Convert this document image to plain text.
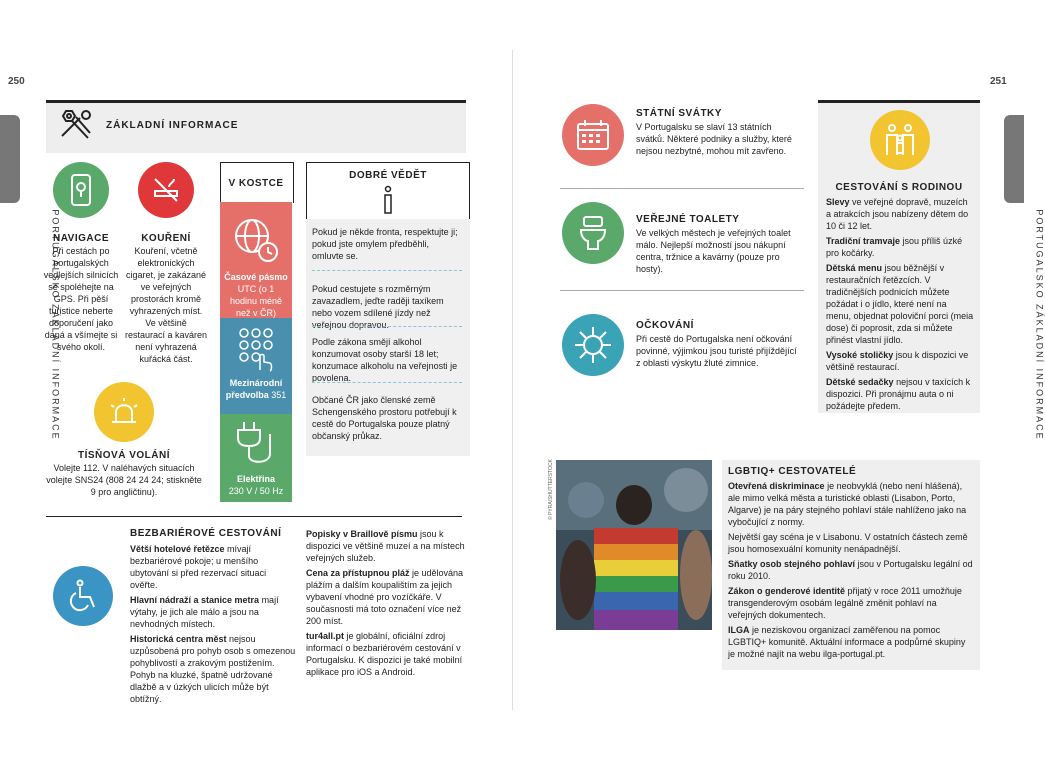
250	251
PORTUGALSKO ZÁKLADNÍ INFORMACE	PORTUGALSKO ZÁKLADNÍ INFORMACE
ZÁKLADNÍ INFORMACE
NAVIGACE
Při cestách po portugalských vedlejších silnicích se spoléhejte na GPS. Při pěší turistice neberte doporučení jako daná a všímejte si svého okolí.
KOUŘENÍ
Kouření, včetně elektronických cigaret, je zakázané ve veřejných prostorách kromě vyhrazených míst. Ve většině restaurací a kaváren není vyhrazená kuřácká část.
V KOSTCE
Časové pásmo
UTC (o 1 hodinu méně než v ČR)
Mezinárodní předvolba 351
Elektřina
230 V / 50 Hz
DOBRÉ VĚDĚT
Pokud je někde fronta, respektujte ji; pokud jste omylem předběhli, omluvte se.
Pokud cestujete s rozměrným zavazadlem, jeďte raději taxíkem nebo vozem sdílené jízdy než veřejnou dopravou.
Podle zákona smějí alkohol konzumovat osoby starší 18 let; konzumace alkoholu na veřejnosti je povolena.
Občané ČR jako členské země Schengenského prostoru potřebují k cestě do Portugalska pouze platný občanský průkaz.
TÍSŇOVÁ VOLÁNÍ
Volejte 112. V naléhavých situacích volejte SNS24 (808 24 24 24; stiskněte 9 pro angličtinu).
BEZBARIÉROVÉ CESTOVÁNÍ

Větší hotelové řetězce mívají bezbariérové pokoje; u menšího ubytování si před rezervací situaci ověřte.

Hlavní nádraží a stanice metra mají výtahy, je jich ale málo a jsou na nevhodných místech.

Historická centra měst nejsou uzpůsobená pro pohyb osob s omezenou pohyblivostí a zrakovým postižením. Pohyb na kluzké, špatně udržované dlažbě a v úzkých ulicích může být obtížný.

Popisky v Braillově písmu jsou k dispozici ve většině muzeí a na místech veřejných služeb.

Cena za přístupnou pláž je udělována plážím a dalším koupalištím za jejich vybavení vhodné pro vozíčkáře. V současnosti má toto označení více než 200 míst.

tur4all.pt je globální, oficiální zdroj informací o bezbariérovém cestování v Portugalsku. K dispozici je také mobilní aplikace pro iOS a Android.

STÁTNÍ SVÁTKY
V Portugalsku se slaví 13 státních svátků. Některé podniky a služby, které nejsou nezbytné, mohou mít zavřeno.
VEŘEJNÉ TOALETY
Ve velkých městech je veřejných toalet málo. Nejlepší možností jsou nákupní centra, tržnice a kavárny (pouze pro hosty).
OČKOVÁNÍ
Při cestě do Portugalska není očkování povinné, výjimkou jsou turisté přijíždějící z oblasti výskytu žluté zimnice.
CESTOVÁNÍ S RODINOU

Slevy ve veřejné dopravě, muzeích a atrakcích jsou nabízeny dětem do 10 či 12 let.

Tradiční tramvaje jsou příliš úzké pro kočárky.

Dětská menu jsou běžnější v restauračních řetězcích. V tradičnějších podnicích můžete požádat i o jídlo, které není na menu, objednat poloviční porci (meia dose) či poprosit, zda si můžete přinést vlastní jídlo.

Vysoké stoličky jsou k dispozici ve většině restaurací.

Dětské sedačky nejsou v taxících k dispozici. Při pronájmu auta o ni požádejte předem.

© PYRA/SHUTTERSTOCK	LGBTIQ+ CESTOVATELÉ

Otevřená diskriminace je neobvyklá (nebo není hlášená), ale mimo velká města a turistické oblasti (Lisabon, Porto, Algarve) je na páry stejného pohlaví stále nahlíženo jako na vybočující z normy.

Největší gay scéna je v Lisabonu. V ostatních částech země jsou homosexuální komunity nenápadnější.

Sňatky osob stejného pohlaví jsou v Portugalsku legální od roku 2010.

Zákon o genderové identitě přijatý v roce 2011 umožňuje transgenderovým osobám legálně změnit pohlaví na veřejných dokumentech.

ILGA je neziskovou organizací zaměřenou na pomoc LGBTIQ+ komunitě. Aktuální informace a podpůrné skupiny je možné najít na webu ilga-portugal.pt.
